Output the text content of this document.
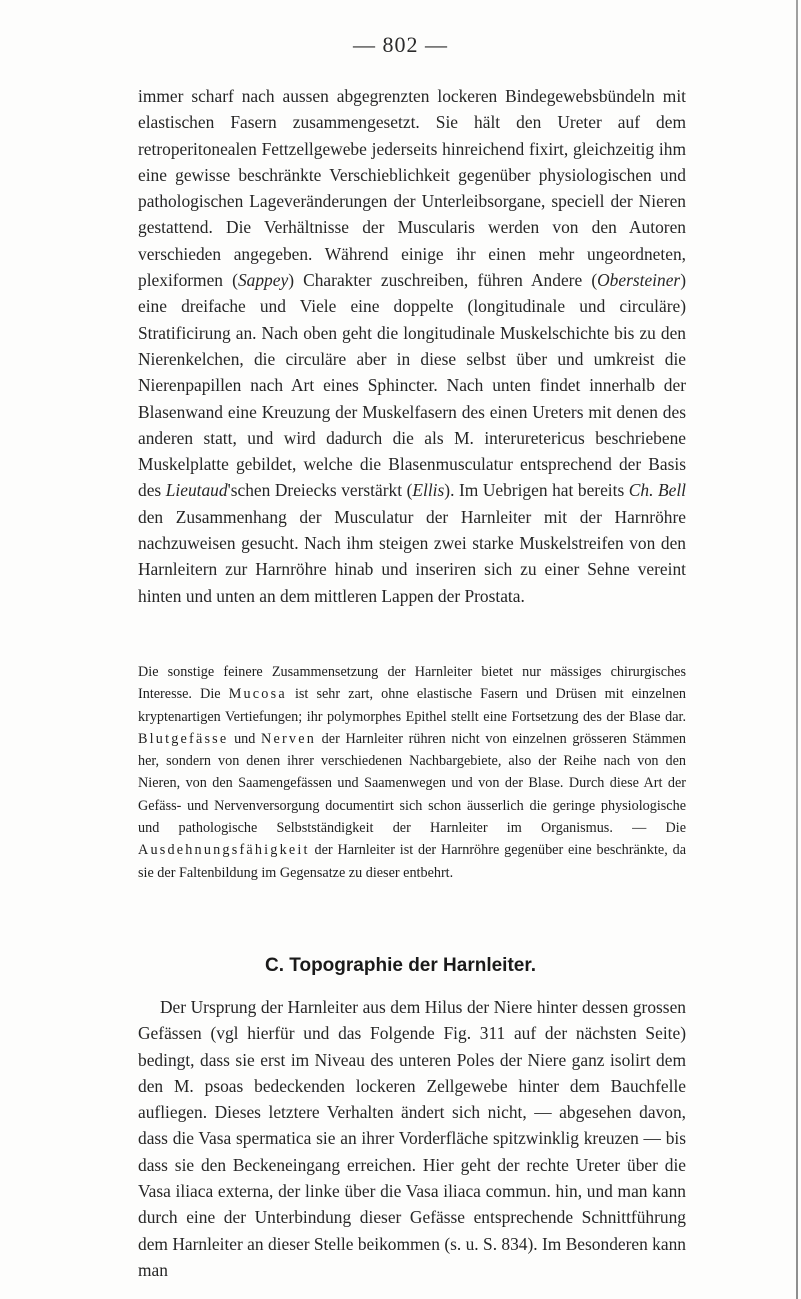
— 802 —
immer scharf nach aussen abgegrenzten lockeren Bindegewebsbündeln mit elastischen Fasern zusammengesetzt. Sie hält den Ureter auf dem retroperitonealen Fettzellgewebe jederseits hinreichend fixirt, gleichzeitig ihm eine gewisse beschränkte Verschieblichkeit gegenüber physiologischen und pathologischen Lageveränderungen der Unterleibsorgane, speciell der Nieren gestattend. Die Verhältnisse der Muscularis werden von den Autoren verschieden angegeben. Während einige ihr einen mehr ungeordneten, plexiformen (Sappey) Charakter zuschreiben, führen Andere (Obersteiner) eine dreifache und Viele eine doppelte (longitudinale und circuläre) Stratificirung an. Nach oben geht die longitudinale Muskelschichte bis zu den Nierenkelchen, die circuläre aber in diese selbst über und umkreist die Nierenpapillen nach Art eines Sphincter. Nach unten findet innerhalb der Blasenwand eine Kreuzung der Muskelfasern des einen Ureters mit denen des anderen statt, und wird dadurch die als M. interuretericus beschriebene Muskelplatte gebildet, welche die Blasenmusculatur entsprechend der Basis des Lieutaud'schen Dreiecks verstärkt (Ellis). Im Uebrigen hat bereits Ch. Bell den Zusammenhang der Musculatur der Harnleiter mit der Harnröhre nachzuweisen gesucht. Nach ihm steigen zwei starke Muskelstreifen von den Harnleitern zur Harnröhre hinab und inseriren sich zu einer Sehne vereint hinten und unten an dem mittleren Lappen der Prostata.
Die sonstige feinere Zusammensetzung der Harnleiter bietet nur mässiges chirurgisches Interesse. Die Mucosa ist sehr zart, ohne elastische Fasern und Drüsen mit einzelnen kryptenartigen Vertiefungen; ihr polymorphes Epithel stellt eine Fortsetzung des der Blase dar. Blutgefässe und Nerven der Harnleiter rühren nicht von einzelnen grösseren Stämmen her, sondern von denen ihrer verschiedenen Nachbargebiete, also der Reihe nach von den Nieren, von den Saamengefässen und Saamenwegen und von der Blase. Durch diese Art der Gefäss- und Nervenversorgung documentirt sich schon äusserlich die geringe physiologische und pathologische Selbstständigkeit der Harnleiter im Organismus. — Die Ausdehnungsfähigkeit der Harnleiter ist der Harnröhre gegenüber eine beschränkte, da sie der Faltenbildung im Gegensatze zu dieser entbehrt.
C. Topographie der Harnleiter.
Der Ursprung der Harnleiter aus dem Hilus der Niere hinter dessen grossen Gefässen (vgl hierfür und das Folgende Fig. 311 auf der nächsten Seite) bedingt, dass sie erst im Niveau des unteren Poles der Niere ganz isolirt dem den M. psoas bedeckenden lockeren Zellgewebe hinter dem Bauchfelle aufliegen. Dieses letztere Verhalten ändert sich nicht, — abgesehen davon, dass die Vasa spermatica sie an ihrer Vorderfläche spitzwinklig kreuzen — bis dass sie den Beckeneingang erreichen. Hier geht der rechte Ureter über die Vasa iliaca externa, der linke über die Vasa iliaca commun. hin, und man kann durch eine der Unterbindung dieser Gefässe entsprechende Schnittführung dem Harnleiter an dieser Stelle beikommen (s. u. S. 834). Im Besonderen kann man
